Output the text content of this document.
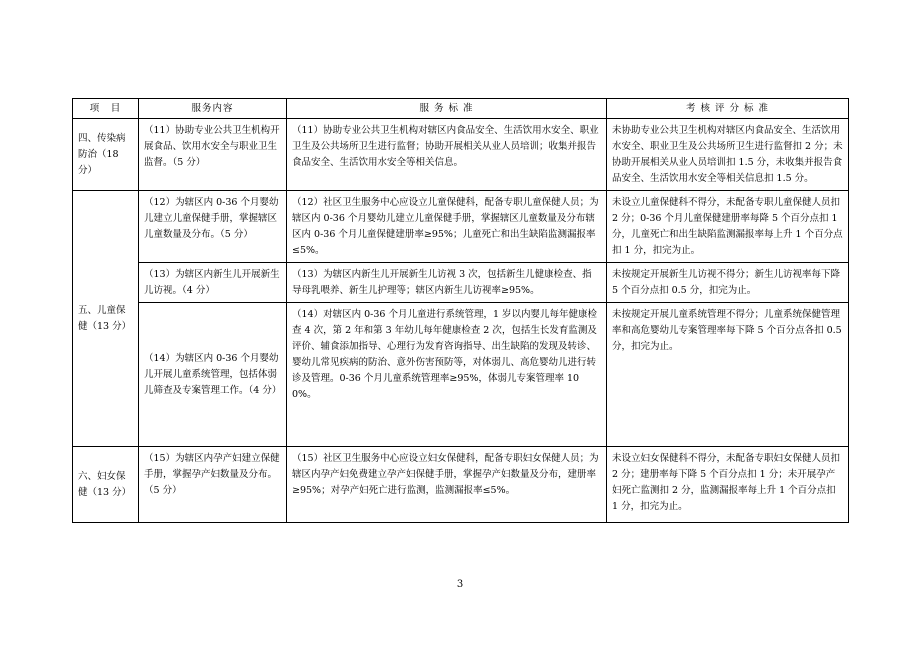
项　目	服务内容	服 务 标 准	考 核 评 分 标 准
四、传染病防治（18 分）	（11）协助专业公共卫生机构开展食品、饮用水安全与职业卫生监督。（5 分）	（11）协助专业公共卫生机构对辖区内食品安全、生活饮用水安全、职业卫生及公共场所卫生进行监督；协助开展相关从业人员培训；收集并报告食品安全、生活饮用水安全等相关信息。	未协助专业公共卫生机构对辖区内食品安全、生活饮用水安全、职业卫生及公共场所卫生进行监督扣 2 分；未协助开展相关从业人员培训扣 1.5 分，未收集并报告食品安全、生活饮用水安全等相关信息扣 1.5 分。
五、儿童保健（13 分）	（12）为辖区内 0-36 个月婴幼儿建立儿童保健手册，掌握辖区儿童数量及分布。（5 分）	（12）社区卫生服务中心应设立儿童保健科，配备专职儿童保健人员；为辖区内 0-36 个月婴幼儿建立儿童保健手册，掌握辖区儿童数量及分布辖区内 0-36 个月儿童保健建册率≥95%；儿童死亡和出生缺陷监测漏报率≤5%。	未设立儿童保健科不得分，未配备专职儿童保健人员扣 2 分；0-36 个月儿童保健建册率每降 5 个百分点扣 1 分，儿童死亡和出生缺陷监测漏报率每上升 1 个百分点扣 1 分，扣完为止。
	（13）为辖区内新生儿开展新生儿访视。（4 分）	（13）为辖区内新生儿开展新生儿访视 3 次，包括新生儿健康检查、指导母乳喂养、新生儿护理等；辖区内新生儿访视率≥95%。	未按规定开展新生儿访视不得分；新生儿访视率每下降 5 个百分点扣 0.5 分，扣完为止。
	（14）为辖区内 0-36 个月婴幼儿开展儿童系统管理，包括体弱儿筛查及专案管理工作。（4 分）	（14）对辖区内 0-36 个月儿童进行系统管理，1 岁以内婴儿每年健康检查 4 次，第 2 年和第 3 年幼儿每年健康检查 2 次，包括生长发育监测及评价、辅食添加指导、心理行为发育咨询指导、出生缺陷的发现及转诊、婴幼儿常见疾病的防治、意外伤害预防等，对体弱儿、高危婴幼儿进行转诊及管理。0-36 个月儿童系统管理率≥95%，体弱儿专案管理率 100%。	未按规定开展儿童系统管理不得分；儿童系统保健管理率和高危婴幼儿专案管理率每下降 5 个百分点各扣 0.5 分，扣完为止。
六、妇女保健（13 分）	（15）为辖区内孕产妇建立保健手册，掌握孕产妇数量及分布。（5 分）	（15）社区卫生服务中心应设立妇女保健科，配备专职妇女保健人员；为辖区内孕产妇免费建立孕产妇保健手册，掌握孕产妇数量及分布，建册率≥95%；对孕产妇死亡进行监测，监测漏报率≤5%。	未设立妇女保健科不得分，未配备专职妇女保健人员扣 2 分；建册率每下降 5 个百分点扣 1 分；未开展孕产妇死亡监测扣 2 分，监测漏报率每上升 1 个百分点扣 1 分，扣完为止。
3
